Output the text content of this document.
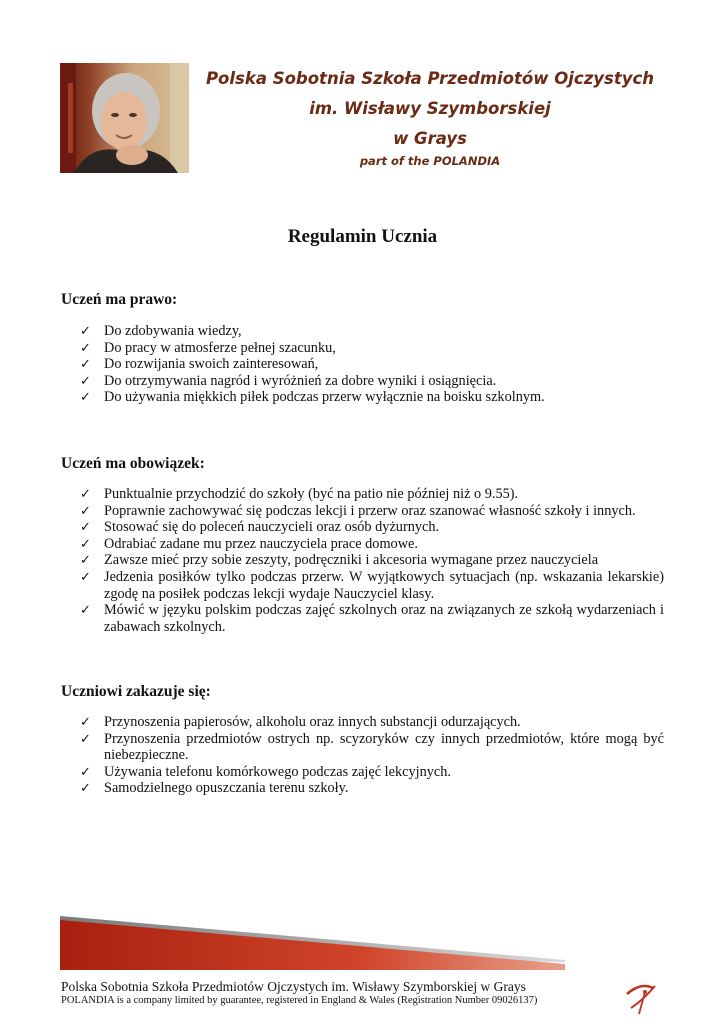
Polska Sobotnia Szkoła Przedmiotów Ojczystych
im. Wisławy Szymborskiej
w Grays
part of the POLANDIA
Regulamin Ucznia
Uczeń ma prawo:
✓ Do zdobywania wiedzy,
✓ Do pracy w atmosferze pełnej szacunku,
✓ Do rozwijania swoich zainteresowań,
✓ Do otrzymywania nagród i wyróżnień za dobre wyniki i osiągnięcia.
✓ Do używania miękkich piłek podczas przerw wyłącznie na boisku szkolnym.
Uczeń ma obowiązek:
✓ Punktualnie przychodzić do szkoły (być na patio nie później niż o 9.55).
✓ Poprawnie zachowywać się podczas lekcji i przerw oraz szanować własność szkoły i innych.
✓ Stosować się do poleceń nauczycieli oraz osób dyżurnych.
✓ Odrabiać zadane mu przez nauczyciela prace domowe.
✓ Zawsze mieć przy sobie zeszyty, podręczniki i akcesoria wymagane przez nauczyciela
✓ Jedzenia posiłków tylko podczas przerw. W wyjątkowych sytuacjach (np. wskazania lekarskie) zgodę na posiłek podczas lekcji wydaje Nauczyciel klasy.
✓ Mówić w języku polskim podczas zajęć szkolnych oraz na związanych ze szkołą wydarzeniach i zabawach szkolnych.
Uczniowi zakazuje się:
✓ Przynoszenia papierosów, alkoholu oraz innych substancji odurzających.
✓ Przynoszenia przedmiotów ostrych np. scyzoryków czy innych przedmiotów, które mogą być niebezpieczne.
✓ Używania telefonu komórkowego podczas zajęć lekcyjnych.
✓ Samodzielnego opuszczania terenu szkoły.
Polska Sobotnia Szkoła Przedmiotów Ojczystych im. Wisławy Szymborskiej w Grays
POLANDIA is a company limited by guarantee, registered in England & Wales (Registration Number 09026137)
